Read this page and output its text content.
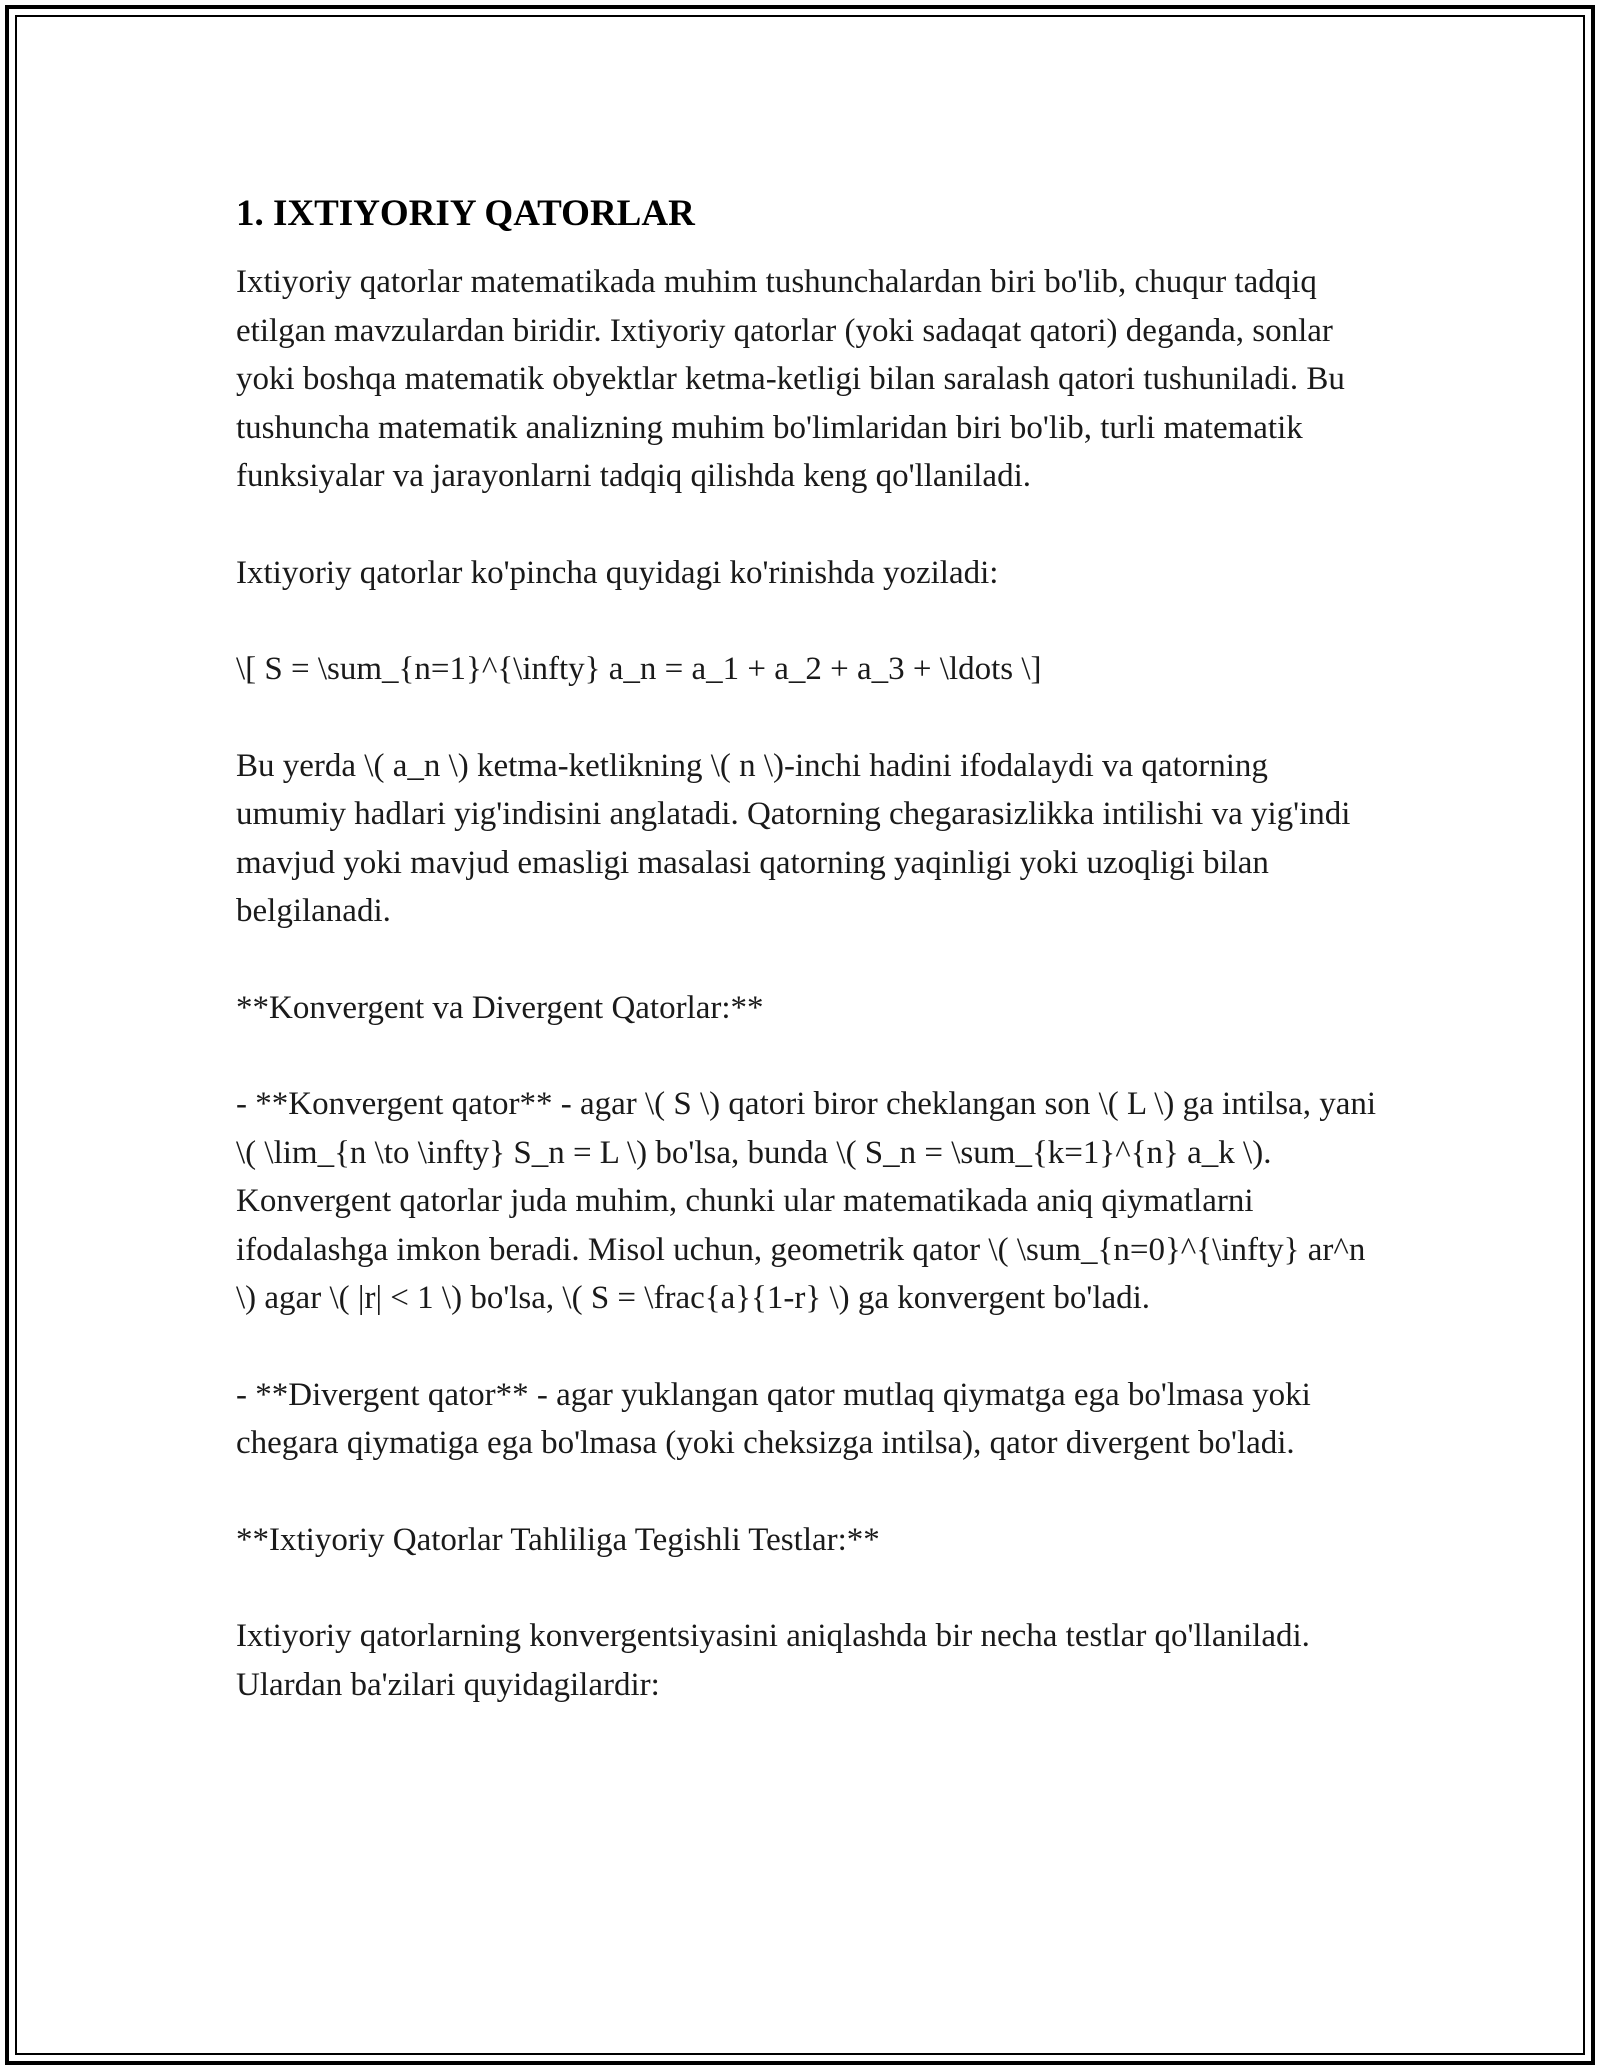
1. IXTIYORIY QATORLAR

Ixtiyoriy qatorlar matematikada muhim tushunchalardan biri bo'lib, chuqur tadqiq etilgan mavzulardan biridir. Ixtiyoriy qatorlar (yoki sadaqat qatori) deganda, sonlar yoki boshqa matematik obyektlar ketma-ketligi bilan saralash qatori tushuniladi. Bu tushuncha matematik analizning muhim bo'limlaridan biri bo'lib, turli matematik funksiyalar va jarayonlarni tadqiq qilishda keng qo'llaniladi.

Ixtiyoriy qatorlar ko'pincha quyidagi ko'rinishda yoziladi:

\[ S = \sum_{n=1}^{\infty} a_n = a_1 + a_2 + a_3 + \ldots \]

Bu yerda \( a_n \) ketma-ketlikning \( n \)-inchi hadini ifodalaydi va qatorning umumiy hadlari yig'indisini anglatadi. Qatorning chegarasizlikka intilishi va yig'indi mavjud yoki mavjud emasligi masalasi qatorning yaqinligi yoki uzoqligi bilan belgilanadi.

**Konvergent va Divergent Qatorlar:**

- **Konvergent qator** - agar \( S \) qatori biror cheklangan son \( L \) ga intilsa, yani \( \lim_{n \to \infty} S_n = L \) bo'lsa, bunda \( S_n = \sum_{k=1}^{n} a_k \). Konvergent qatorlar juda muhim, chunki ular matematikada aniq qiymatlarni ifodalashga imkon beradi. Misol uchun, geometrik qator \( \sum_{n=0}^{\infty} ar^n \) agar \( |r| < 1 \) bo'lsa, \( S = \frac{a}{1-r} \) ga konvergent bo'ladi.

- **Divergent qator** - agar yuklangan qator mutlaq qiymatga ega bo'lmasa yoki chegara qiymatiga ega bo'lmasa (yoki cheksizga intilsa), qator divergent bo'ladi.

**Ixtiyoriy Qatorlar Tahliliga Tegishli Testlar:**

Ixtiyoriy qatorlarning konvergentsiyasini aniqlashda bir necha testlar qo'llaniladi. Ulardan ba'zilari quyidagilardir:
